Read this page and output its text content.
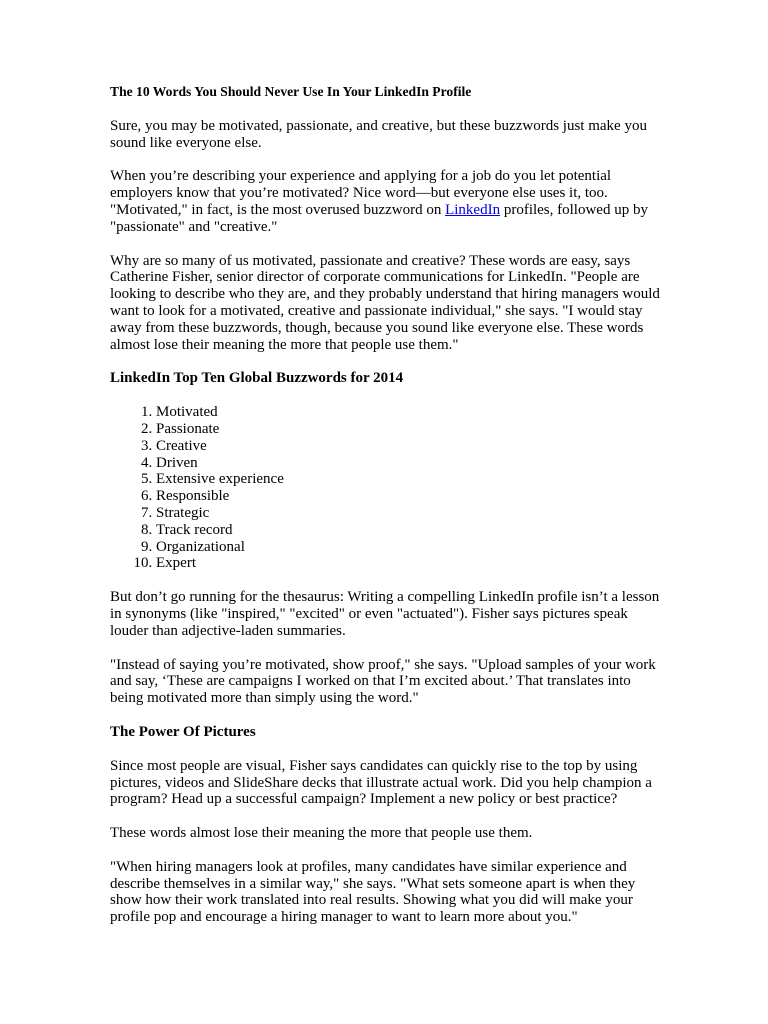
The 10 Words You Should Never Use In Your LinkedIn Profile
Sure, you may be motivated, passionate, and creative, but these buzzwords just make you sound like everyone else.
When you’re describing your experience and applying for a job do you let potential employers know that you’re motivated? Nice word—but everyone else uses it, too. "Motivated," in fact, is the most overused buzzword on LinkedIn profiles, followed up by "passionate" and "creative."
Why are so many of us motivated, passionate and creative? These words are easy, says Catherine Fisher, senior director of corporate communications for LinkedIn. "People are looking to describe who they are, and they probably understand that hiring managers would want to look for a motivated, creative and passionate individual," she says. "I would stay away from these buzzwords, though, because you sound like everyone else. These words almost lose their meaning the more that people use them."
LinkedIn Top Ten Global Buzzwords for 2014
1. Motivated
2. Passionate
3. Creative
4. Driven
5. Extensive experience
6. Responsible
7. Strategic
8. Track record
9. Organizational
10. Expert
But don’t go running for the thesaurus: Writing a compelling LinkedIn profile isn’t a lesson in synonyms (like "inspired," "excited" or even "actuated"). Fisher says pictures speak louder than adjective-laden summaries.
"Instead of saying you’re motivated, show proof," she says. "Upload samples of your work and say, ‘These are campaigns I worked on that I’m excited about.’ That translates into being motivated more than simply using the word."
The Power Of Pictures
Since most people are visual, Fisher says candidates can quickly rise to the top by using pictures, videos and SlideShare decks that illustrate actual work. Did you help champion a program? Head up a successful campaign? Implement a new policy or best practice?
These words almost lose their meaning the more that people use them.
"When hiring managers look at profiles, many candidates have similar experience and describe themselves in a similar way," she says. "What sets someone apart is when they show how their work translated into real results. Showing what you did will make your profile pop and encourage a hiring manager to want to learn more about you."
